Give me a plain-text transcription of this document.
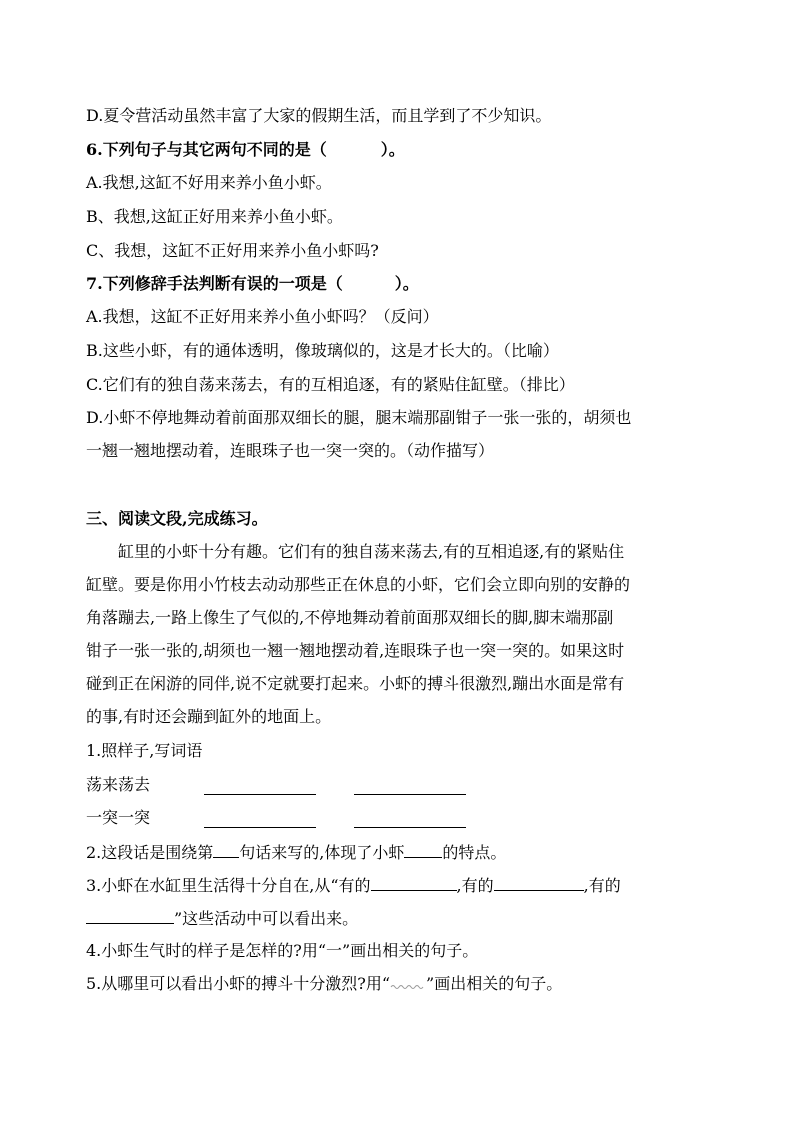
D.夏令营活动虽然丰富了大家的假期生活，而且学到了不少知识。
6.下列句子与其它两句不同的是（	）。
A.我想,这缸不好用来养小鱼小虾。
B、我想,这缸正好用来养小鱼小虾。
C、我想，这缸不正好用来养小鱼小虾吗?
7.下列修辞手法判断有误的一项是（	）。
A.我想，这缸不正好用来养小鱼小虾吗？（反问）
B.这些小虾，有的通体透明，像玻璃似的，这是才长大的。（比喻）
C.它们有的独自荡来荡去，有的互相追逐，有的紧贴住缸壁。（排比）
D.小虾不停地舞动着前面那双细长的腿，腿末端那副钳子一张一张的，胡须也
一翘一翘地摆动着，连眼珠子也一突一突的。（动作描写）
三、阅读文段,完成练习。
缸里的小虾十分有趣。它们有的独自荡来荡去,有的互相追逐,有的紧贴住
缸壁。要是你用小竹枝去动动那些正在休息的小虾，它们会立即向别的安静的
角落蹦去,一路上像生了气似的,不停地舞动着前面那双细长的脚,脚末端那副
钳子一张一张的,胡须也一翘一翘地摆动着,连眼珠子也一突一突的。如果这时
碰到正在闲游的同伴,说不定就要打起来。小虾的搏斗很激烈,蹦出水面是常有
的事,有时还会蹦到缸外的地面上。
1.照样子,写词语
荡来荡去
一突一突
2.这段话是围绕第 句话来写的,体现了小虾 的特点。
3.小虾在水缸里生活得十分自在,从“有的	,有的	,有的
”这些活动中可以看出来。
4.小虾生气时的样子是怎样的?用“一”画出相关的句子。
5.从哪里可以看出小虾的搏斗十分激烈?用“ ”画出相关的句子。
